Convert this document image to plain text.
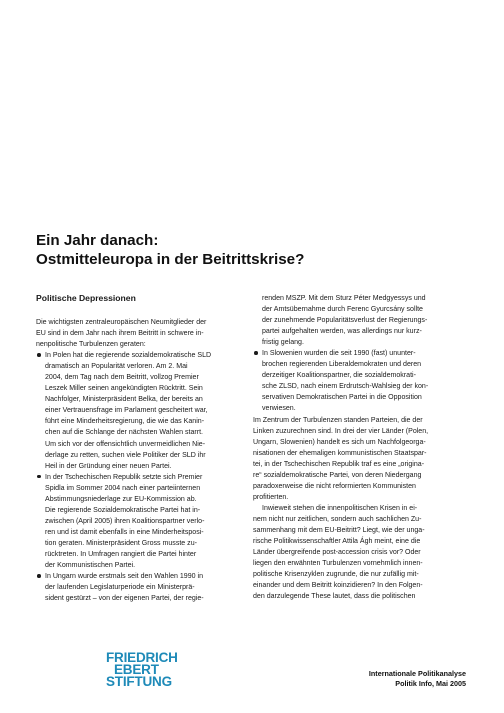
Ein Jahr danach:
Ostmitteleuropa in der Beitrittskrise?
Politische Depressionen

Die wichtigsten zentraleuropäischen Neumitglieder der
EU sind in dem Jahr nach ihrem Beitritt in schwere in-
nenpolitische Turbulenzen geraten:

In Polen hat die regierende sozialdemokratische SLD
dramatisch an Popularität verloren. Am 2. Mai
2004, dem Tag nach dem Beitritt, vollzog Premier
Leszek Miller seinen angekündigten Rücktritt. Sein
Nachfolger, Ministerpräsident Belka, der bereits an
einer Vertrauensfrage im Parlament gescheitert war,
führt eine Minderheitsregierung, die wie das Kanin-
chen auf die Schlange der nächsten Wahlen starrt.
Um sich vor der offensichtlich unvermeidlichen Nie-
derlage zu retten, suchen viele Politiker der SLD ihr
Heil in der Gründung einer neuen Partei.
In der Tschechischen Republik setzte sich Premier
Spidla im Sommer 2004 nach einer parteiinternen
Abstimmungsniederlage zur EU-Kommission ab.
Die regierende Sozialdemokratische Partei hat in-
zwischen (April 2005) ihren Koalitionspartner verlo-
ren und ist damit ebenfalls in eine Minderheitsposi-
tion geraten. Ministerpräsident Gross musste zu-
rücktreten. In Umfragen rangiert die Partei hinter
der Kommunistischen Partei.
In Ungarn wurde erstmals seit den Wahlen 1990 in
der laufenden Legislaturperiode ein Ministerprä-
sident gestürzt – von der eigenen Partei, der regie-

renden MSZP. Mit dem Sturz Péter Medgyessys und
der Amtsübernahme durch Ferenc Gyurcsány sollte
der zunehmende Popularitätsverlust der Regierungs-
partei aufgehalten werden, was allerdings nur kurz-
fristig gelang.

In Slowenien wurden die seit 1990 (fast) ununter-
brochen regierenden Liberaldemokraten und deren
derzeitiger Koalitionspartner, die sozialdemokrati-
sche ZLSD, nach einem Erdrutsch-Wahlsieg der kon-
servativen Demokratischen Partei in die Opposition
verwiesen.

Im Zentrum der Turbulenzen standen Parteien, die der
Linken zuzurechnen sind. In drei der vier Länder (Polen,
Ungarn, Slowenien) handelt es sich um Nachfolgeorga-
nisationen der ehemaligen kommunistischen Staatspar-
tei, in der Tschechischen Republik traf es eine „origina-
re“ sozialdemokratische Partei, von deren Niedergang
paradoxerweise die nicht reformierten Kommunisten
profitierten.

Inwieweit stehen die innenpolitischen Krisen in ei-
nem nicht nur zeitlichen, sondern auch sachlichen Zu-
sammenhang mit dem EU-Beitritt? Liegt, wie der unga-
rische Politikwissenschaftler Attila Ágh meint, eine die
Länder übergreifende post-accession crisis vor? Oder
liegen den erwähnten Turbulenzen vornehmlich innen-
politische Krisenzyklen zugrunde, die nur zufällig mit-
einander und dem Beitritt koinzidieren? In den Folgen-
den darzulegende These lautet, dass die politischen

FRIEDRICH
EBERT
STIFTUNG
Internationale Politikanalyse
Politik Info, Mai 2005
